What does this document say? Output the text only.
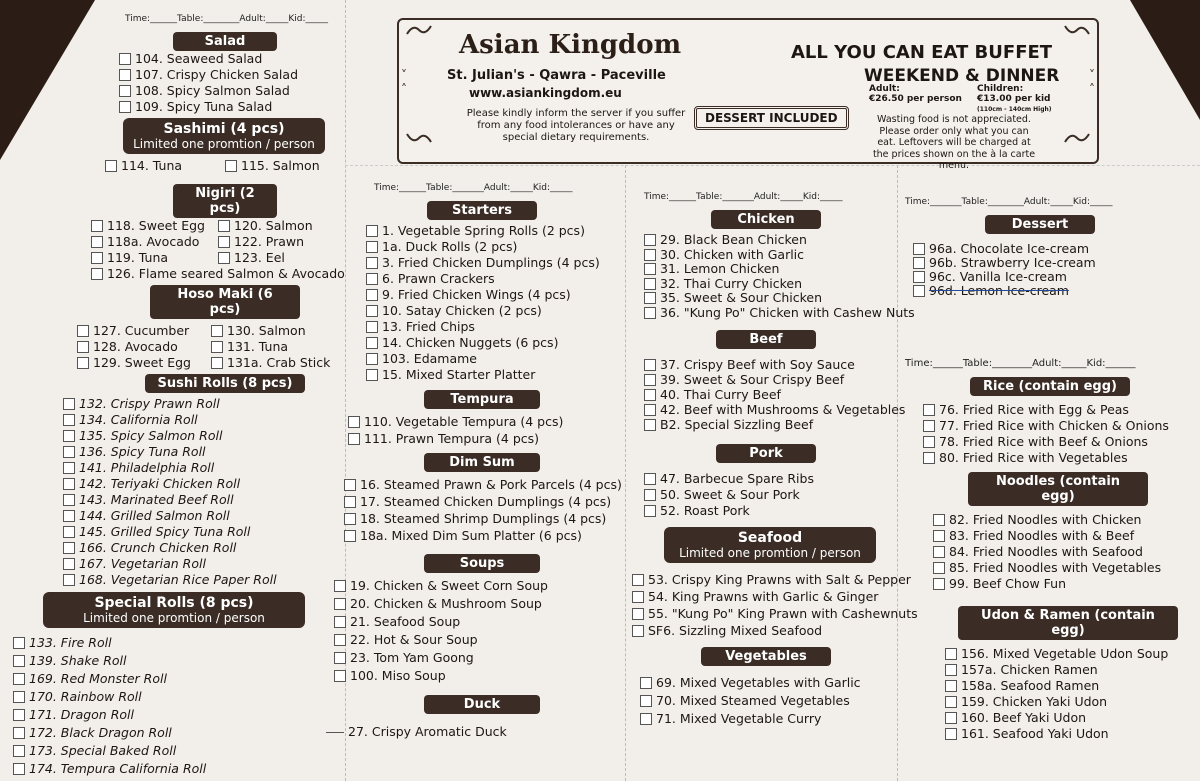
˅
˄
˅
˄
Asian Kingdom
St. Julian's - Qawra - Paceville
www.asiankingdom.eu
Please kindly inform the server if you suffer from any food intolerances or have any special dietary requirements.
DESSERT INCLUDED
ALL YOU CAN EAT BUFFET
WEEKEND & DINNER
Adult:
€26.50 per person
Children:
€13.00 per kid
(110cm - 140cm High)
Wasting food is not appreciated. Please order only what you can eat. Leftovers will be charged at the prices shown on the à la carte menu.
Time:______Table:________Adult:_____Kid:_____
Salad
104. Seaweed Salad
107. Crispy Chicken Salad
108. Spicy Salmon Salad
109. Spicy Tuna Salad
Sashimi (4 pcs)
Limited one promtion / person
114. Tuna	115. Salmon
Nigiri (2 pcs)
118. Sweet Egg
118a. Avocado
119. Tuna
120. Salmon
122. Prawn
123. Eel
126. Flame seared Salmon & Avocado
Hoso Maki (6 pcs)
127. Cucumber
128. Avocado
129. Sweet Egg
130. Salmon
131. Tuna
131a. Crab Stick
Sushi Rolls (8 pcs)
132. Crispy Prawn Roll
134. California Roll
135. Spicy Salmon Roll
136. Spicy Tuna Roll
141. Philadelphia Roll
142. Teriyaki Chicken Roll
143. Marinated Beef Roll
144. Grilled Salmon Roll
145. Grilled Spicy Tuna Roll
166. Crunch Chicken Roll
167. Vegetarian Roll
168. Vegetarian Rice Paper Roll
Special Rolls (8 pcs)
Limited one promtion / person
133. Fire Roll
139. Shake Roll
169. Red Monster Roll
170. Rainbow Roll
171. Dragon Roll
172. Black Dragon Roll
173. Special Baked Roll
174. Tempura California Roll
Time:______Table:_______Adult:_____Kid:_____
Starters
1. Vegetable Spring Rolls (2 pcs)
1a. Duck Rolls (2 pcs)
3. Fried Chicken Dumplings (4 pcs)
6. Prawn Crackers
9. Fried Chicken Wings (4 pcs)
10. Satay Chicken (2 pcs)
13. Fried Chips
14. Chicken Nuggets (6 pcs)
103. Edamame
15. Mixed Starter Platter
Tempura
110. Vegetable Tempura (4 pcs)
111. Prawn Tempura (4 pcs)
Dim Sum
16. Steamed Prawn & Pork Parcels (4 pcs)
17. Steamed Chicken Dumplings (4 pcs)
18. Steamed Shrimp Dumplings (4 pcs)
18a. Mixed Dim Sum Platter (6 pcs)
Soups
19. Chicken & Sweet Corn Soup
20. Chicken & Mushroom Soup
21. Seafood Soup
22. Hot & Sour Soup
23. Tom Yam Goong
100. Miso Soup
Duck
27. Crispy Aromatic Duck
Time:______Table:_______Adult:_____Kid:_____
Chicken
29. Black Bean Chicken
30. Chicken with Garlic
31. Lemon Chicken
32. Thai Curry Chicken
35. Sweet & Sour Chicken
36. "Kung Po" Chicken with Cashew Nuts
Beef
37. Crispy Beef with Soy Sauce
39. Sweet & Sour Crispy Beef
40. Thai Curry Beef
42. Beef with Mushrooms & Vegetables
B2. Special Sizzling Beef
Pork
47. Barbecue Spare Ribs
50. Sweet & Sour Pork
52. Roast Pork
Seafood
Limited one promtion / person
53. Crispy King Prawns with Salt & Pepper
54. King Prawns with Garlic & Ginger
55. "Kung Po" King Prawn with Cashewnuts
SF6. Sizzling Mixed Seafood
Vegetables
69. Mixed Vegetables with Garlic
70. Mixed Steamed Vegetables
71. Mixed Vegetable Curry
Time:_______Table:________Adult:_____Kid:_____
Dessert
96a. Chocolate Ice-cream
96b. Strawberry Ice-cream
96c. Vanilla Ice-cream
96d. Lemon Ice-cream
Time:______Table:________Adult:_____Kid:______
Rice (contain egg)
76. Fried Rice with Egg & Peas
77. Fried Rice with Chicken & Onions
78. Fried Rice with Beef & Onions
80. Fried Rice with Vegetables
Noodles (contain egg)
82. Fried Noodles with Chicken
83. Fried Noodles with & Beef
84. Fried Noodles with Seafood
85. Fried Noodles with Vegetables
99. Beef Chow Fun
Udon & Ramen (contain egg)
156. Mixed Vegetable Udon Soup
157a. Chicken Ramen
158a. Seafood Ramen
159. Chicken Yaki Udon
160. Beef Yaki Udon
161. Seafood Yaki Udon
